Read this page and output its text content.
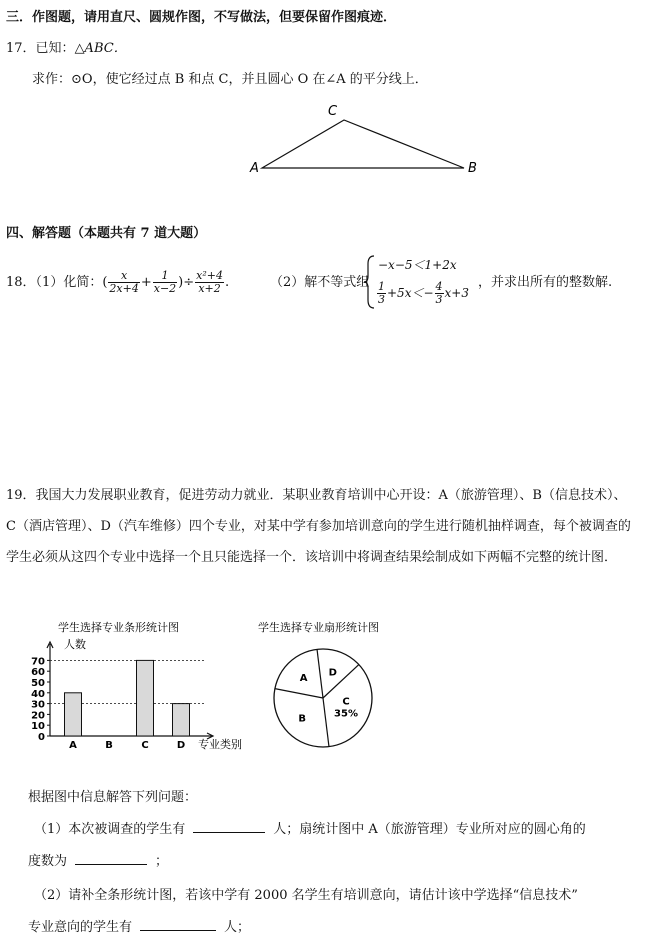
三．作图题，请用直尺、圆规作图，不写做法，但要保留作图痕迹．
17．已知：△ABC．
求作：⊙O，使它经过点 B 和点 C，并且圆心 O 在∠A 的平分线上．
A	B
C
四、解答题（本题共有 7 道大题）
18．（1）化简：( $\frac{x}{2x+4} + \frac{1}{x-2}$ )÷ $\frac{\text{x²+4}}{x+2}$ .	（2）解不等式组
−x−5＜1+2x
$\frac{1}{3} +5x<- \frac{4}{3} x+3$
，并求出所有的整数解.
19．我国大力发展职业教育，促进劳动力就业．某职业教育培训中心开设：A（旅游管理）、B（信息技术）、C（酒店管理）、D（汽车维修）四个专业，对某中学有参加培训意向的学生进行随机抽样调查，每个被调查的学生必须从这四个专业中选择一个且只能选择一个．该培训中将调查结果绘制成如下两幅不完整的统计图．
学生选择专业条形统计图
人数
专业类别
0
10
20
30
40
50
60
70
A	B	C	D
学生选择专业扇形统计图
D
C
35%
B
A
根据图中信息解答下列问题：
（1）本次被调查的学生有	人；扇统计图中 A（旅游管理）专业所对应的圆心角的
度数为	；
（2）请补全条形统计图，若该中学有 2000 名学生有培训意向，请估计该中学选择“信息技术”
专业意向的学生有	人；
